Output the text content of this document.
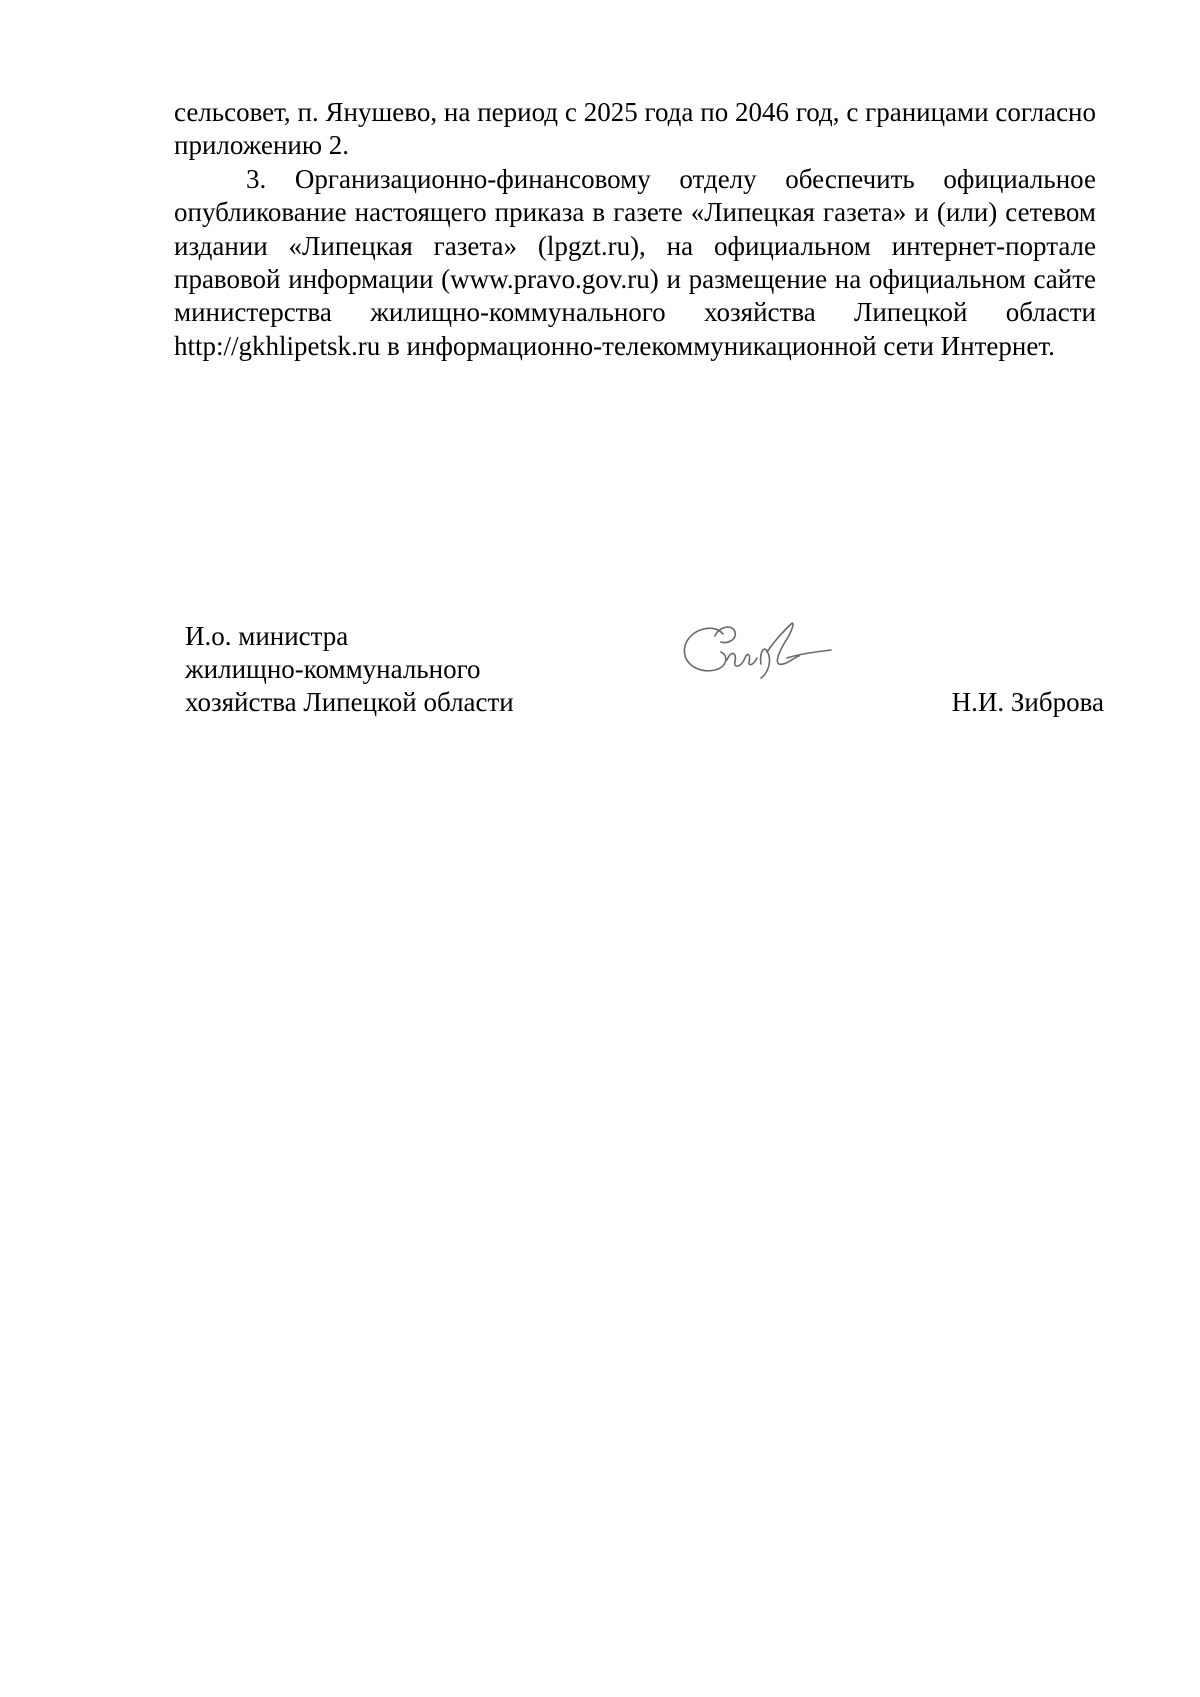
сельсовет, п. Янушево, на период с 2025 года по 2046 год, с границами согласно приложению 2.

3. Организационно-финансовому отделу обеспечить официальное опубликование настоящего приказа в газете «Липецкая газета» и (или) сетевом издании «Липецкая газета» (lpgzt.ru), на официальном интернет-портале правовой информации (www.pravo.gov.ru) и размещение на официальном сайте министерства жилищно-коммунального хозяйства Липецкой области http://gkhlipetsk.ru в информационно-телекоммуникационной сети Интернет.

И.о. министра
жилищно-коммунального
хозяйства Липецкой области	Н.И. Зиброва
